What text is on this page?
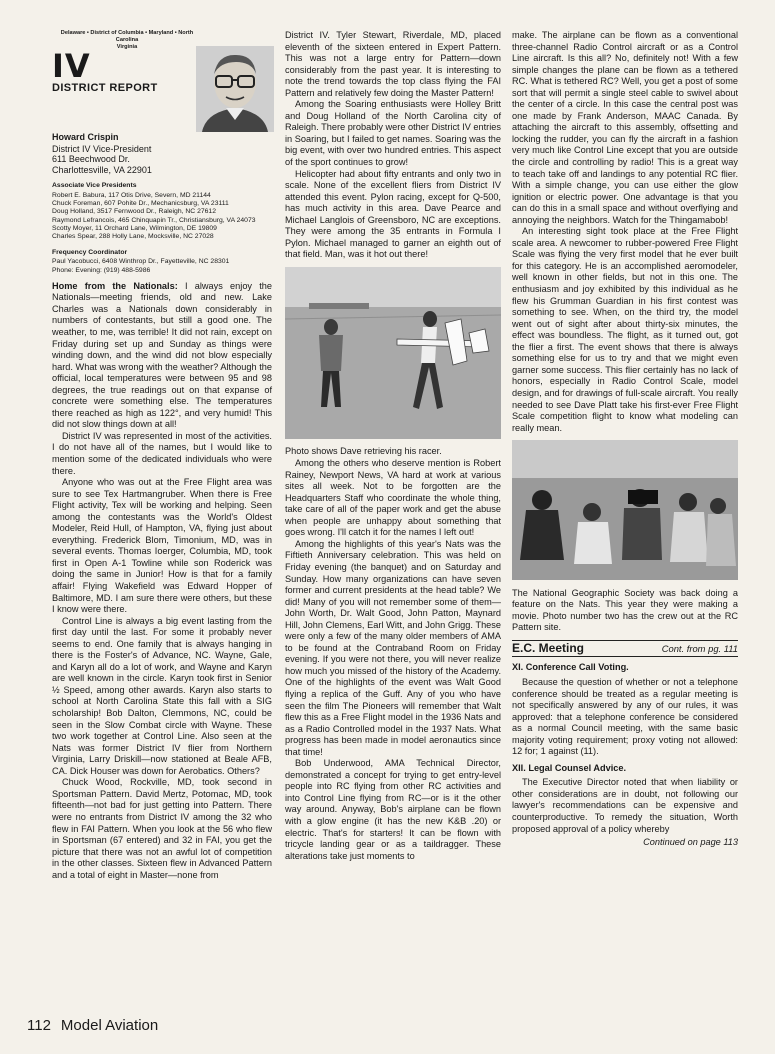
Delaware • District of Columbia • Maryland • North Carolina
Virginia
IV
DISTRICT REPORT
Howard Crispin
District IV Vice-President
611 Beechwood Dr.
Charlottesville, VA 22901
Associate Vice Presidents
Robert E. Babura, 117 Otis Drive, Severn, MD 21144
Chuck Foreman, 607 Pohite Dr., Mechanicsburg, VA 23111
Doug Holland, 3517 Fernwood Dr., Raleigh, NC 27612
Raymond Lefrancois, 465 Chinquapin Tr., Christiansburg, VA 24073
Scotty Moyer, 11 Orchard Lane, Wilmington, DE 19809
Charles Spear, 288 Holly Lane, Mocksville, NC 27028
Frequency Coordinator
Paul Yacobucci, 6408 Winthrop Dr., Fayetteville, NC 28301
Phone: Evening: (919) 488-5986

Home from the Nationals: I always enjoy the Nationals—meeting friends, old and new. Lake Charles was a Nationals down considerably in numbers of contestants, but still a good one. The weather, to me, was terrible! It did not rain, except on Friday during set up and Sunday as things were winding down, and the wind did not blow especially hard. What was wrong with the weather? Although the official, local temperatures were between 95 and 98 degrees, the true readings out on that expanse of concrete were something else. The temperatures there reached as high as 122°, and very humid! This did not slow things down at all!

District IV was represented in most of the activities. I do not have all of the names, but I would like to mention some of the dedicated individuals who were there.

Anyone who was out at the Free Flight area was sure to see Tex Hartmangruber. When there is Free Flight activity, Tex will be working and helping. Seen among the contestants was the World's Oldest Modeler, Reid Hull, of Hampton, VA, flying just about everything. Frederick Blom, Timonium, MD, was in several events. Thomas Ioerger, Columbia, MD, took first in Open A-1 Towline while son Roderick was doing the same in Junior! How is that for a family affair! Flying Wakefield was Edward Hopper of Baltimore, MD. I am sure there were others, but these I know were there.

Control Line is always a big event lasting from the first day until the last. For some it probably never seems to end. One family that is always hanging in there is the Foster's of Advance, NC. Wayne, Gale, and Karyn all do a lot of work, and Wayne and Karyn are well known in the circle. Karyn took first in Senior ½ Speed, among other awards. Karyn also starts to school at North Carolina State this fall with a SIG scholarship! Bob Dalton, Clemmons, NC, could be seen in the Slow Combat circle with Wayne. These two work together at Control Line. Also seen at the Nats was former District IV flier from Northern Virginia, Larry Driskill—now stationed at Beale AFB, CA. Dick Houser was down for Aerobatics. Others?

Chuck Wood, Rockville, MD, took second in Sportsman Pattern. David Mertz, Potomac, MD, took fifteenth—not bad for just getting into Pattern. There were no entrants from District IV among the 32 who flew in FAI Pattern. When you look at the 56 who flew in Sportsman (67 entered) and 32 in FAI, you get the picture that there was not an awful lot of competition in the other classes. Sixteen flew in Advanced Pattern and a total of eight in Master—none from

District IV. Tyler Stewart, Riverdale, MD, placed eleventh of the sixteen entered in Expert Pattern. This was not a large entry for Pattern—down considerably from the past year. It is interesting to note the trend towards the top class flying the FAI Pattern and relatively few doing the Master Pattern!

Among the Soaring enthusiasts were Holley Britt and Doug Holland of the North Carolina city of Raleigh. There probably were other District IV entries in Soaring, but I failed to get names. Soaring was the big event, with over two hundred entries. This aspect of the sport continues to grow!

Helicopter had about fifty entrants and only two in scale. None of the excellent fliers from District IV attended this event. Pylon racing, except for Q-500, has much activity in this area. Dave Pearce and Michael Langlois of Greensboro, NC are exceptions. They were among the 35 entrants in Formula I Pylon. Michael managed to garner an eighth out of that field. Man, was it hot out there!

Photo shows Dave retrieving his racer.

Among the others who deserve mention is Robert Rainey, Newport News, VA hard at work at various sites all week. Not to be forgotten are the Headquarters Staff who coordinate the whole thing, take care of all of the paper work and get the abuse when people are unhappy about something that goes wrong. I'll catch it for the names I left out!

Among the highlights of this year's Nats was the Fiftieth Anniversary celebration. This was held on Friday evening (the banquet) and on Saturday and Sunday. How many organizations can have seven former and current presidents at the head table? We did! Many of you will not remember some of them—John Worth, Dr. Walt Good, John Patton, Maynard Hill, John Clemens, Earl Witt, and John Grigg. These were only a few of the many older members of AMA to be found at the Contraband Room on Friday evening. If you were not there, you will never realize how much you missed of the history of the Academy. One of the highlights of the event was Walt Good flying a replica of the Guff. Any of you who have seen the film The Pioneers will remember that Walt flew this as a Free Flight model in the 1936 Nats and as a Radio Controlled model in the 1937 Nats. What progress has been made in model aeronautics since that time!

Bob Underwood, AMA Technical Director, demonstrated a concept for trying to get entry-level people into RC flying from other RC activities and into Control Line flying from RC—or is it the other way around. Anyway, Bob's airplane can be flown with a glow engine (it has the new K&B .20) or electric. That's for starters! It can be flown with tricycle landing gear or as a taildragger. These alterations take just moments to

make. The airplane can be flown as a conventional three-channel Radio Control aircraft or as a Control Line aircraft. Is this all? No, definitely not! With a few simple changes the plane can be flown as a tethered RC. What is tethered RC? Well, you get a post of some sort that will permit a single steel cable to swivel about the center of a circle. In this case the central post was one made by Frank Anderson, MAAC Canada. By attaching the aircraft to this assembly, offsetting and locking the rudder, you can fly the aircraft in a fashion very much like Control Line except that you are outside the circle and controlling by radio! This is a great way to teach take off and landings to any potential RC flier. With a simple change, you can use either the glow ignition or electric power. One advantage is that you can do this in a small space and without overflying and annoying the neighbors. Watch for the Thingamabob!

An interesting sight took place at the Free Flight scale area. A newcomer to rubber-powered Free Flight Scale was flying the very first model that he ever built for this category. He is an accomplished aeromodeler, well known in other fields, but not in this one. The enthusiasm and joy exhibited by this individual as he flew his Grumman Guardian in his first contest was something to see. When, on the third try, the model went out of sight after about thirty-six minutes, the effect was boundless. The flight, as it turned out, got the flier a first. The event shows that there is always something else for us to try and that we might even garner some success. This flier certainly has no lack of honors, especially in Radio Control Scale, model design, and for drawings of full-scale aircraft. You really needed to see Dave Platt take his first-ever Free Flight Scale competition flight to know what modeling can really mean.

The National Geographic Society was back doing a feature on the Nats. This year they were making a movie. Photo number two has the crew out at the RC Pattern site.

E.C. Meeting	Cont. from pg. 111

XI. Conference Call Voting.

Because the question of whether or not a telephone conference should be treated as a regular meeting is not specifically answered by any of our rules, it was approved: that a telephone conference be considered as a normal Council meeting, with the same basic majority voting requirement; proxy voting not allowed: 12 for; 1 against (11).

XII. Legal Counsel Advice.

The Executive Director noted that when liability or other considerations are in doubt, not following our lawyer's recommendations can be expensive and counterproductive. To remedy the situation, Worth proposed approval of a policy whereby

Continued on page 113
112 Model Aviation
